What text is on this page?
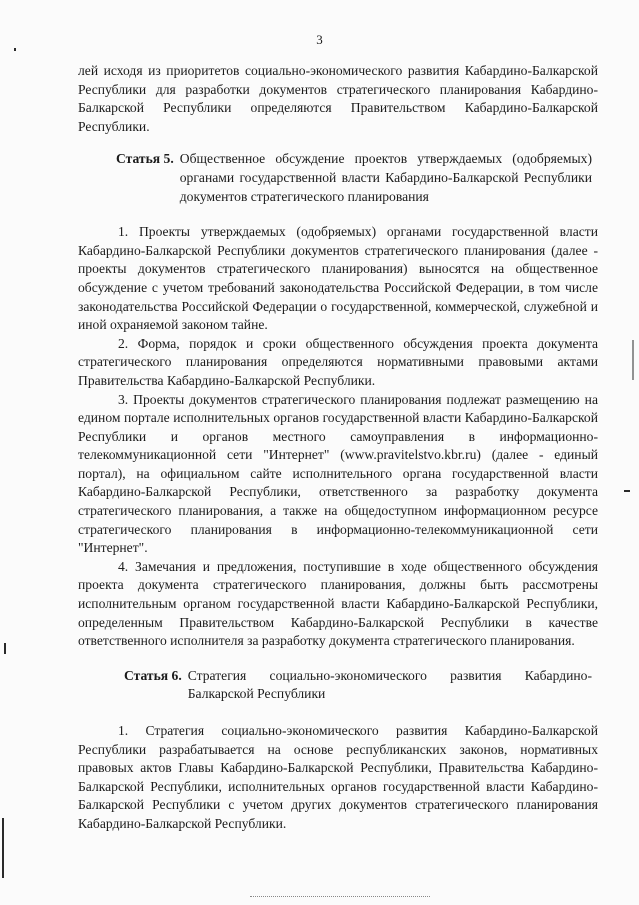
3

лей исходя из приоритетов социально-экономического развития Кабардино-Балкарской Республики для разработки документов стратегического планирования Кабардино-Балкарской Республики определяются Правительством Кабардино-Балкарской Республики.

Статья 5. Общественное обсуждение проектов утверждаемых (одобряемых) органами государственной власти Кабардино-Балкарской Республики документов стратегического планирования

1. Проекты утверждаемых (одобряемых) органами государственной власти Кабардино-Балкарской Республики документов стратегического планирования (далее - проекты документов стратегического планирования) выносятся на общественное обсуждение с учетом требований законодательства Российской Федерации, в том числе законодательства Российской Федерации о государственной, коммерческой, служебной и иной охраняемой законом тайне.

2. Форма, порядок и сроки общественного обсуждения проекта документа стратегического планирования определяются нормативными правовыми актами Правительства Кабардино-Балкарской Республики.

3. Проекты документов стратегического планирования подлежат размещению на едином портале исполнительных органов государственной власти Кабардино-Балкарской Республики и органов местного самоуправления в информационно-телекоммуникационной сети "Интернет" (www.pravitelstvo.kbr.ru) (далее - единый портал), на официальном сайте исполнительного органа государственной власти Кабардино-Балкарской Республики, ответственного за разработку документа стратегического планирования, а также на общедоступном информационном ресурсе стратегического планирования в информационно-телекоммуникационной сети "Интернет".

4. Замечания и предложения, поступившие в ходе общественного обсуждения проекта документа стратегического планирования, должны быть рассмотрены исполнительным органом государственной власти Кабардино-Балкарской Республики, определенным Правительством Кабардино-Балкарской Республики в качестве ответственного исполнителя за разработку документа стратегического планирования.

Статья 6. Стратегия социально-экономического развития Кабардино-Балкарской Республики

1. Стратегия социально-экономического развития Кабардино-Балкарской Республики разрабатывается на основе республиканских законов, нормативных правовых актов Главы Кабардино-Балкарской Республики, Правительства Кабардино-Балкарской Республики, исполнительных органов государственной власти Кабардино-Балкарской Республики с учетом других документов стратегического планирования Кабардино-Балкарской Республики.
